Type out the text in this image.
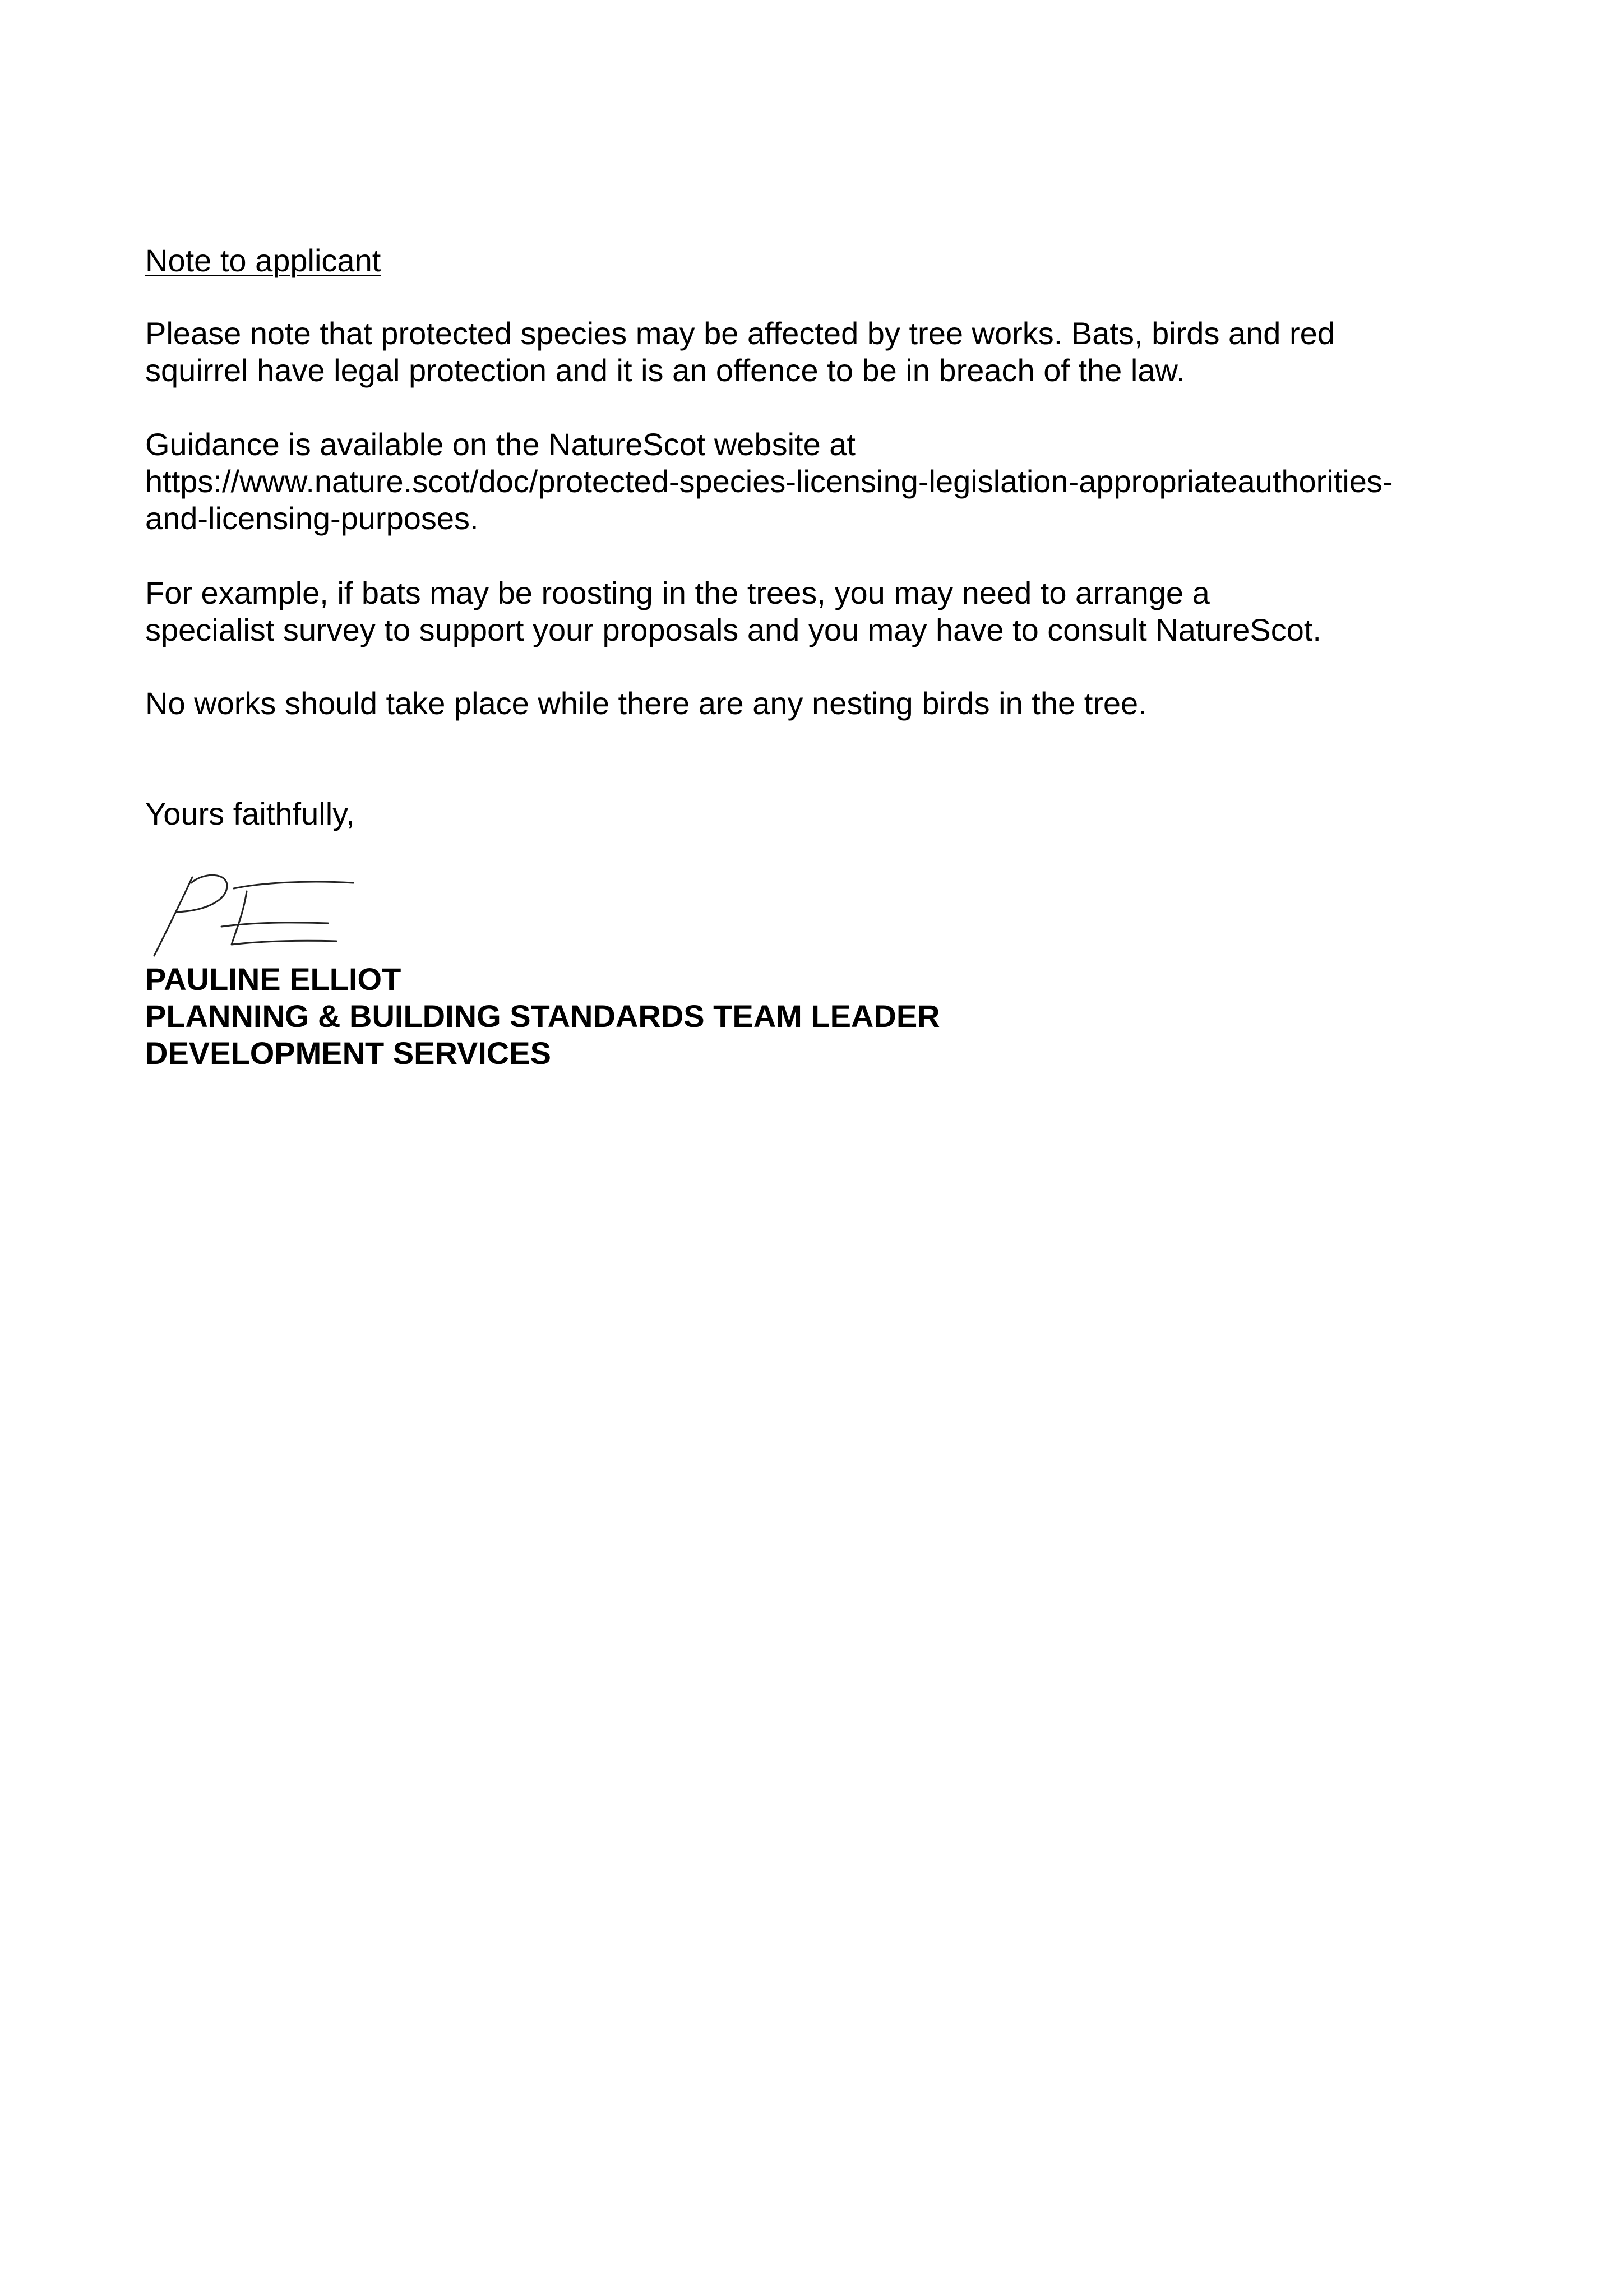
Note to applicant

Please note that protected species may be affected by tree works. Bats, birds and red

squirrel have legal protection and it is an offence to be in breach of the law.

Guidance is available on the NatureScot website at

https://www.nature.scot/doc/protected-species-licensing-legislation-appropriateauthorities-

and-licensing-purposes.

For example, if bats may be roosting in the trees, you may need to arrange a

specialist survey to support your proposals and you may have to consult NatureScot.

No works should take place while there are any nesting birds in the tree.

Yours faithfully,

PAULINE ELLIOT

PLANNING & BUILDING STANDARDS TEAM LEADER

DEVELOPMENT SERVICES
